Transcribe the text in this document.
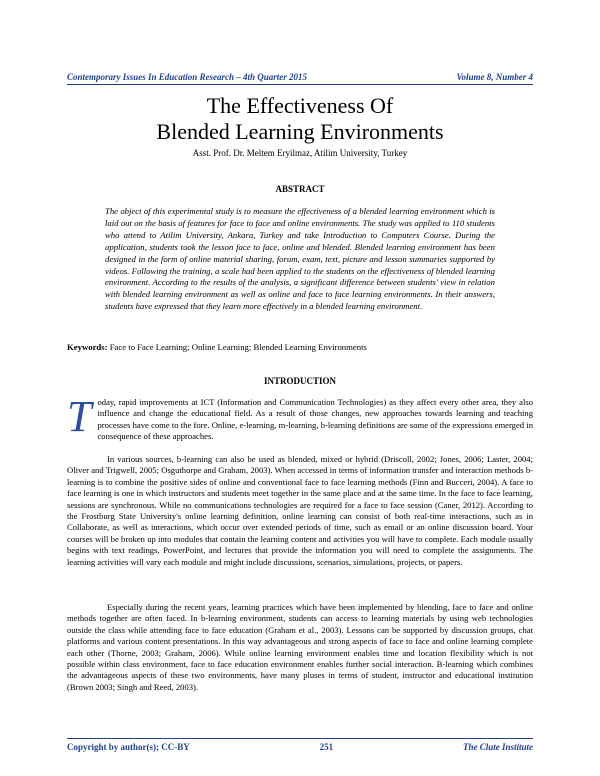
Contemporary Issues In Education Research – 4th Quarter 2015	Volume 8, Number 4
The Effectiveness Of
Blended Learning Environments
Asst. Prof. Dr. Meltem Eryilmaz, Atilim University, Turkey
ABSTRACT
The object of this experimental study is to measure the effectiveness of a blended learning environment which is laid out on the basis of features for face to face and online environments. The study was applied to 110 students who attend to Atilim University, Ankara, Turkey and take Introduction to Computers Course. During the application, students took the lesson face to face, online and blended. Blended learning environment has been designed in the form of online material sharing, forum, exam, text, picture and lesson summaries supported by videos. Following the training, a scale had been applied to the students on the effectiveness of blended learning environment. According to the results of the analysis, a significant difference between students' view in relation with blended learning environment as well as online and face to face learning environments. In their answers, students have expressed that they learn more effectively in a blended learning environment.
Keywords: Face to Face Learning; Online Learning; Blended Learning Environments
INTRODUCTION
T oday, rapid improvements at ICT (Information and Communication Technologies) as they affect every other area, they also influence and change the educational field. As a result of those changes, new approaches towards learning and teaching processes have come to the fore. Online, e-learning, m-learning, b-learning definitions are some of the expressions emerged in consequence of these approaches.
In various sources, b-learning can also be used as blended, mixed or hybrid (Driscoll, 2002; Jones, 2006; Laster, 2004; Oliver and Trigwell, 2005; Osguthorpe and Graham, 2003). When accessed in terms of information transfer and interaction methods b-learning is to combine the positive sides of online and conventional face to face learning methods (Finn and Bucceri, 2004). A face to face learning is one in which instructors and students meet together in the same place and at the same time. In the face to face learning, sessions are synchronous. While no communications technologies are required for a face to face session (Caner, 2012). According to the Frostburg State University's online learning definition, online learning can consist of both real-time interactions, such as in Collaborate, as well as interactions, which occur over extended periods of time, such as email or an online discussion board. Your courses will be broken up into modules that contain the learning content and activities you will have to complete. Each module usually begins with text readings, PowerPoint, and lectures that provide the information you will need to complete the assignments. The learning activities will vary each module and might include discussions, scenarios, simulations, projects, or papers.
Especially during the recent years, learning practices which have been implemented by blending, face to face and online methods together are often faced. In b-learning environment, students can access to learning materials by using web technologies outside the class while attending face to face education (Graham et al., 2003). Lessons can be supported by discussion groups, chat platforms and various content presentations. In this way advantageous and strong aspects of face to face and online learning complete each other (Thorne, 2003; Graham, 2006). While online learning environment enables time and location flexibility which is not possible within class environment, face to face education environment enables further social interaction. B-learning which combines the advantageous aspects of these two environments, have many pluses in terms of student, instructor and educational institution (Brown 2003; Singh and Reed, 2003).
Copyright by author(s); CC-BY	251	The Clute Institute
